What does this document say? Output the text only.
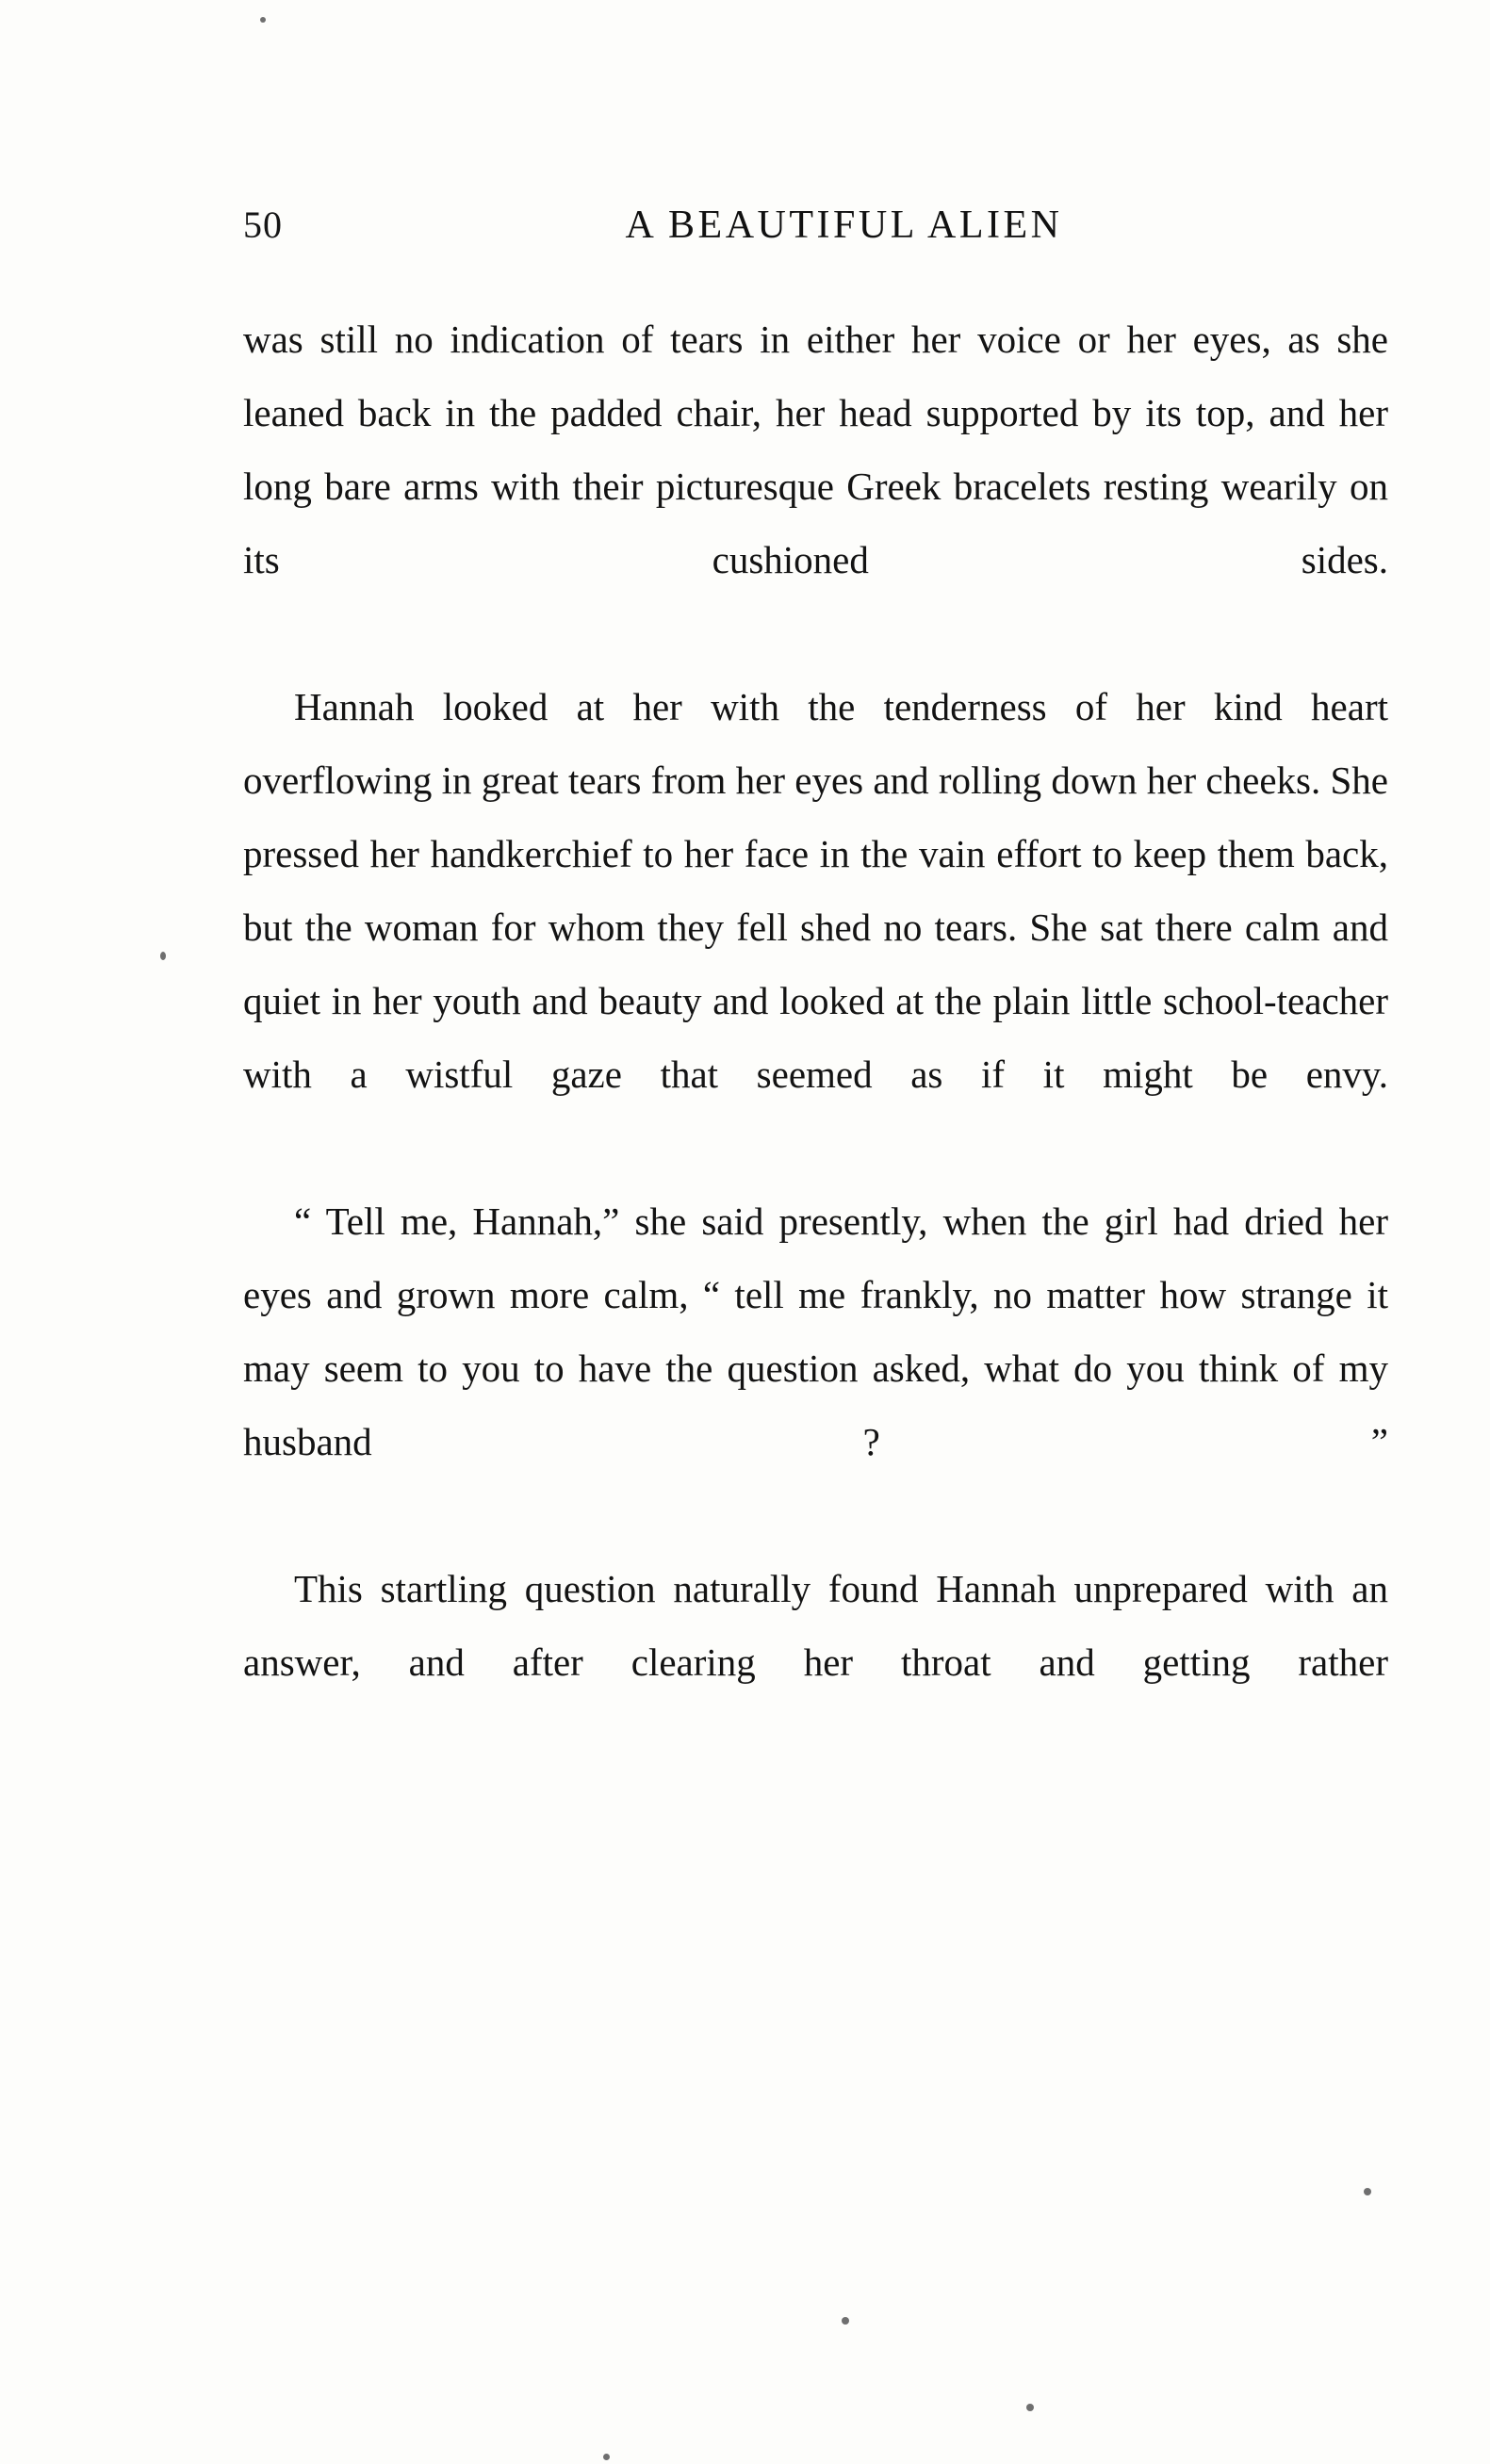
50	A BEAUTIFUL ALIEN

was still no indication of tears in either her voice or her eyes, as she leaned back in the padded chair, her head supported by its top, and her long bare arms with their picturesque Greek bracelets resting wearily on its cushioned sides.

Hannah looked at her with the tenderness of her kind heart overflowing in great tears from her eyes and rolling down her cheeks. She pressed her handkerchief to her face in the vain effort to keep them back, but the woman for whom they fell shed no tears. She sat there calm and quiet in her youth and beauty and looked at the plain little school-teacher with a wistful gaze that seemed as if it might be envy.

“ Tell me, Hannah,” she said presently, when the girl had dried her eyes and grown more calm, “ tell me frankly, no matter how strange it may seem to you to have the question asked, what do you think of my husband ? ”

This startling question naturally found Hannah unprepared with an answer, and after clearing her throat and getting rather
